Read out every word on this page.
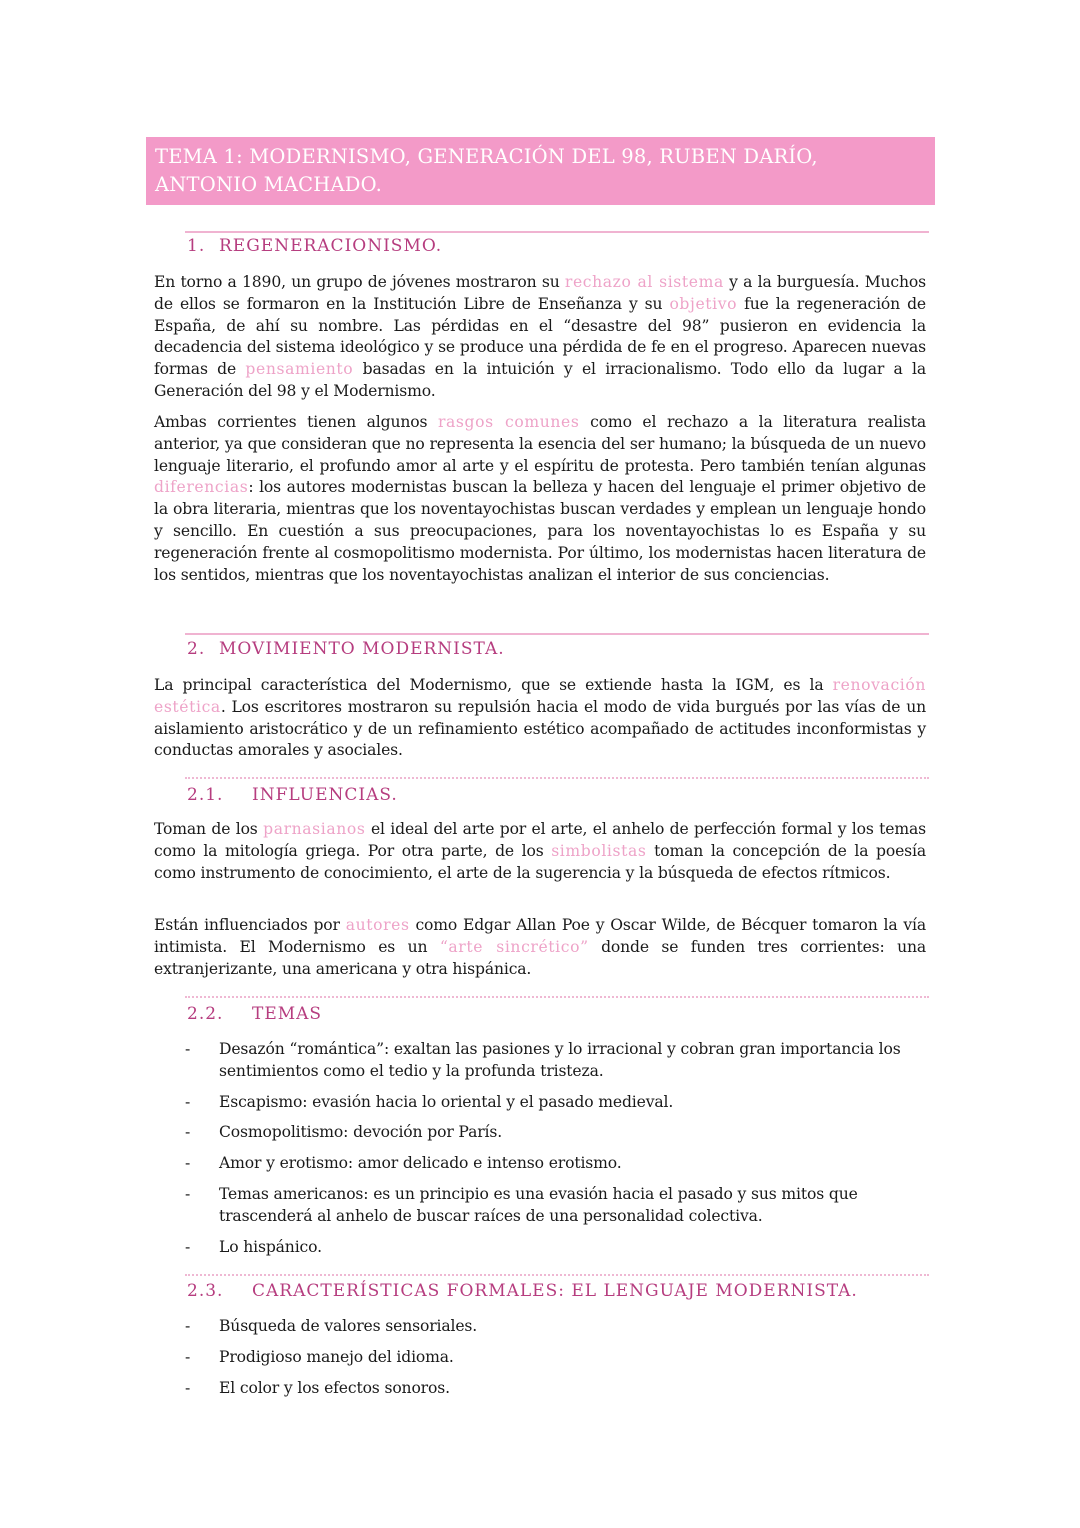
TEMA 1: MODERNISMO, GENERACIÓN DEL 98, RUBEN DARÍO, ANTONIO MACHADO.
1. REGENERACIONISMO.

En torno a 1890, un grupo de jóvenes mostraron su rechazo al sistema y a la burguesía. Muchos de ellos se formaron en la Institución Libre de Enseñanza y su objetivo fue la regeneración de España, de ahí su nombre. Las pérdidas en el “desastre del 98” pusieron en evidencia la decadencia del sistema ideológico y se produce una pérdida de fe en el progreso. Aparecen nuevas formas de pensamiento basadas en la intuición y el irracionalismo. Todo ello da lugar a la Generación del 98 y el Modernismo.

Ambas corrientes tienen algunos rasgos comunes como el rechazo a la literatura realista anterior, ya que consideran que no representa la esencia del ser humano; la búsqueda de un nuevo lenguaje literario, el profundo amor al arte y el espíritu de protesta. Pero también tenían algunas diferencias: los autores modernistas buscan la belleza y hacen del lenguaje el primer objetivo de la obra literaria, mientras que los noventayochistas buscan verdades y emplean un lenguaje hondo y sencillo. En cuestión a sus preocupaciones, para los noventayochistas lo es España y su regeneración frente al cosmopolitismo modernista. Por último, los modernistas hacen literatura de los sentidos, mientras que los noventayochistas analizan el interior de sus conciencias.

2. MOVIMIENTO MODERNISTA.

La principal característica del Modernismo, que se extiende hasta la IGM, es la renovación estética. Los escritores mostraron su repulsión hacia el modo de vida burgués por las vías de un aislamiento aristocrático y de un refinamiento estético acompañado de actitudes inconformistas y conductas amorales y asociales.

2.1. INFLUENCIAS.

Toman de los parnasianos el ideal del arte por el arte, el anhelo de perfección formal y los temas como la mitología griega. Por otra parte, de los simbolistas toman la concepción de la poesía como instrumento de conocimiento, el arte de la sugerencia y la búsqueda de efectos rítmicos.

Están influenciados por autores como Edgar Allan Poe y Oscar Wilde, de Bécquer tomaron la vía intimista. El Modernismo es un “arte sincrético” donde se funden tres corrientes: una extranjerizante, una americana y otra hispánica.

2.2. TEMAS
- Desazón “romántica”: exaltan las pasiones y lo irracional y cobran gran importancia los sentimientos como el tedio y la profunda tristeza.
- Escapismo: evasión hacia lo oriental y el pasado medieval.
- Cosmopolitismo: devoción por París.
- Amor y erotismo: amor delicado e intenso erotismo.
- Temas americanos: es un principio es una evasión hacia el pasado y sus mitos que trascenderá al anhelo de buscar raíces de una personalidad colectiva.
- Lo hispánico.
2.3. CARACTERÍSTICAS FORMALES: EL LENGUAJE MODERNISTA.
- Búsqueda de valores sensoriales.
- Prodigioso manejo del idioma.
- El color y los efectos sonoros.
